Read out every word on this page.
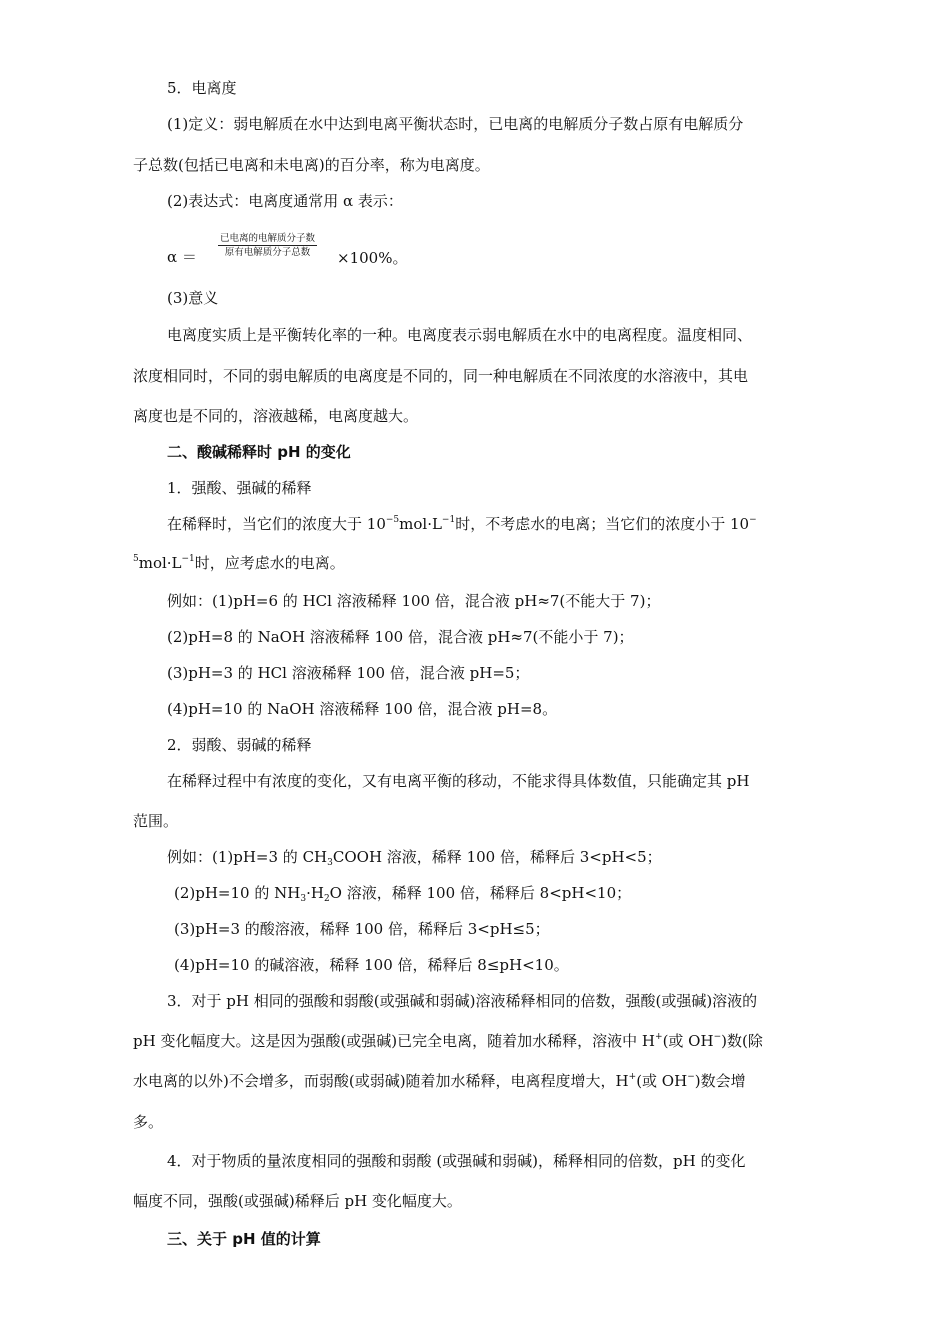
5．电离度
(1)定义：弱电解质在水中达到电离平衡状态时，已电离的电解质分子数占原有电解质分
子总数(包括已电离和未电离)的百分率，称为电离度。
(2)表达式：电离度通常用 α 表示：
α ＝
已电离的电解质分子数
原有电解质分子总数	×100%。
(3)意义
电离度实质上是平衡转化率的一种。电离度表示弱电解质在水中的电离程度。温度相同、
浓度相同时，不同的弱电解质的电离度是不同的，同一种电解质在不同浓度的水溶液中，其电
离度也是不同的，溶液越稀，电离度越大。
二、酸碱稀释时 pH 的变化
1．强酸、强碱的稀释
在稀释时，当它们的浓度大于 $10^{-5}mol\cdot L^{-1}$时，不考虑水的电离；当它们的浓度小于 10−
$^5mol\cdot L^{-1}$时，应考虑水的电离。
例如：(1)pH=6 的 HCl 溶液稀释 100 倍，混合液 pH≈7(不能大于 7)；
(2)pH=8 的 NaOH 溶液稀释 100 倍，混合液 pH≈7(不能小于 7)；
(3)pH=3 的 HCl 溶液稀释 100 倍，混合液 pH=5；
(4)pH=10 的 NaOH 溶液稀释 100 倍，混合液 pH=8。
2．弱酸、弱碱的稀释
在稀释过程中有浓度的变化，又有电离平衡的移动，不能求得具体数值，只能确定其 pH
范围。
例如：(1)pH=3 的 $CH_3COOH$ 溶液，稀释 100 倍，稀释后 3<pH<5；
(2)pH=10 的 $NH_3\cdot H_2O$ 溶液，稀释 100 倍，稀释后 8<pH<10；
(3)pH=3 的酸溶液，稀释 100 倍，稀释后 3<pH≤5；
(4)pH=10 的碱溶液，稀释 100 倍，稀释后 8≤pH<10。
3．对于 pH 相同的强酸和弱酸(或强碱和弱碱)溶液稀释相同的倍数，强酸(或强碱)溶液的
pH 变化幅度大。这是因为强酸(或强碱)已完全电离，随着加水稀释，溶液中 H+(或 OH−)数(除
水电离的以外)不会增多，而弱酸(或弱碱)随着加水稀释，电离程度增大，H+(或 OH−)数会增
多。
4．对于物质的量浓度相同的强酸和弱酸 (或强碱和弱碱)，稀释相同的倍数，pH 的变化
幅度不同，强酸(或强碱)稀释后 pH 变化幅度大。
三、关于 pH 值的计算
